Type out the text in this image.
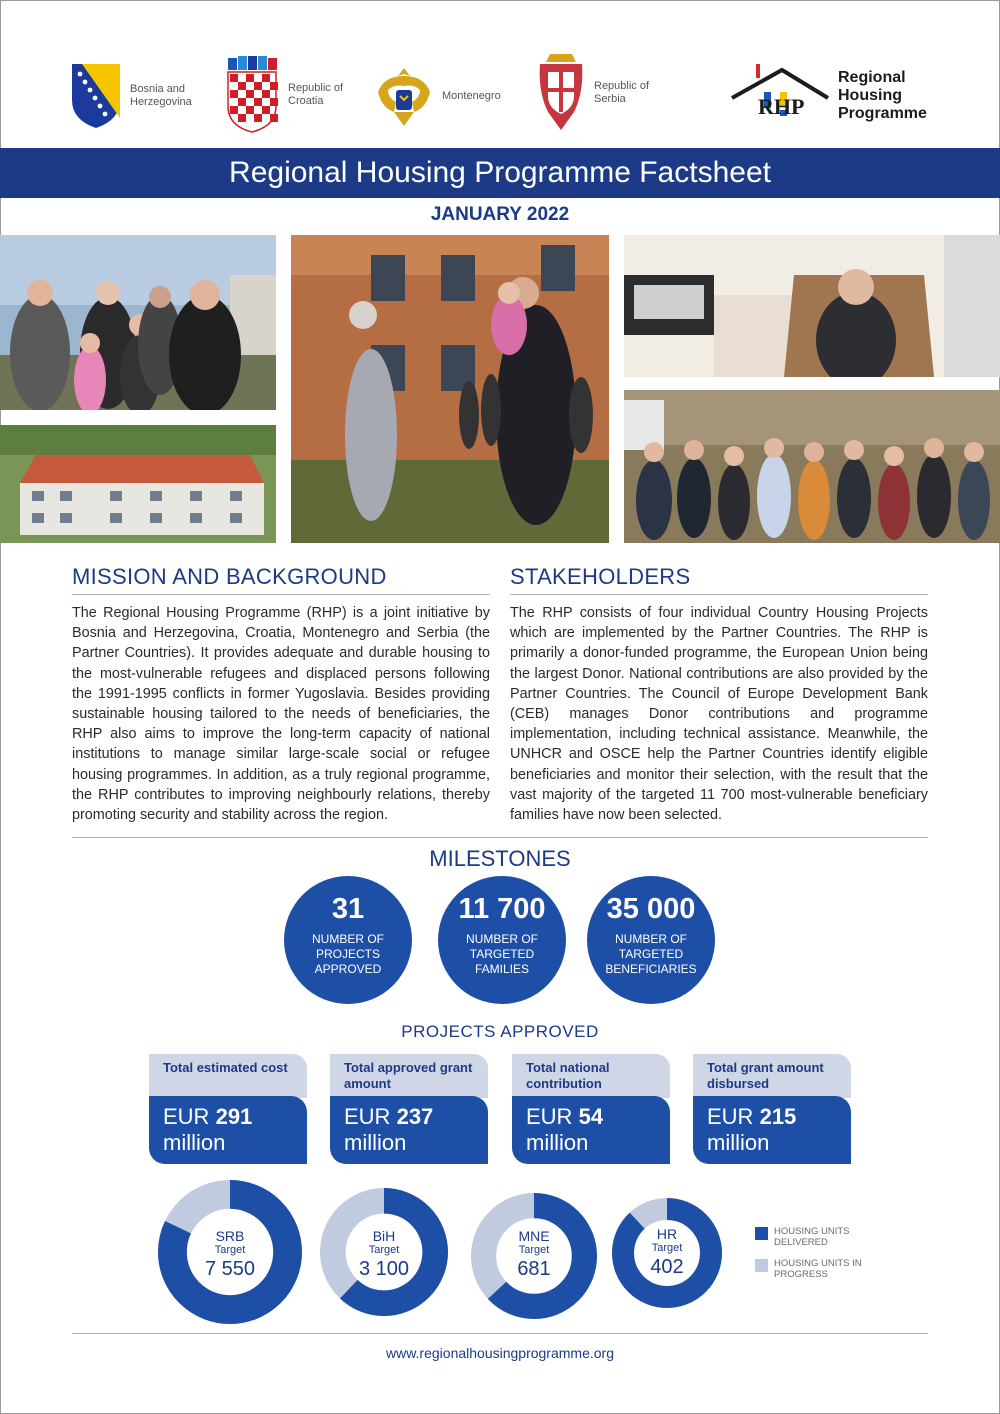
Bosnia and
Herzegovina
Republic of
Croatia	Montenegro
Republic of
Serbia	RHP
Regional
Housing
Programme
Regional Housing Programme Factsheet
JANUARY 2022
MISSION AND BACKGROUND
The Regional Housing Programme (RHP) is a joint initiative by Bosnia and Herzegovina, Croatia, Montenegro and Serbia (the Partner Countries). It provides adequate and durable housing to the most-vulnerable refugees and displaced persons following the 1991-1995 conflicts in former Yugoslavia. Besides providing sustainable housing tailored to the needs of beneficiaries, the RHP also aims to improve the long-term capacity of national institutions to manage similar large-scale social or refugee housing programmes. In addition, as a truly regional programme, the RHP contributes to improving neighbourly relations, thereby promoting security and stability across the region.
STAKEHOLDERS
The RHP consists of four individual Country Housing Projects which are implemented by the Partner Countries. The RHP is primarily a donor-funded programme, the European Union being the largest Donor. National contributions are also provided by the Partner Countries. The Council of Europe Development Bank (CEB) manages Donor contributions and programme implementation, including technical assistance. Meanwhile, the UNHCR and OSCE help the Partner Countries identify eligible beneficiaries and monitor their selection, with the result that the vast majority of the targeted 11 700 most-vulnerable beneficiary families have now been selected.
MILESTONES
31
NUMBER OF PROJECTS APPROVED
11 700
NUMBER OF TARGETED FAMILIES
35 000
NUMBER OF TARGETED BENEFICIARIES
PROJECTS APPROVED
Total estimated cost
EUR 291
million
Total approved grant amount
EUR 237
million
Total national contribution
EUR 54
million
Total grant amount disbursed
EUR 215
million
SRB
Target
7 550
BiH
Target
3 100
MNE
Target
681
HR
Target
402
HOUSING UNITS DELIVERED
HOUSING UNITS IN PROGRESS
www.regionalhousingprogramme.org
